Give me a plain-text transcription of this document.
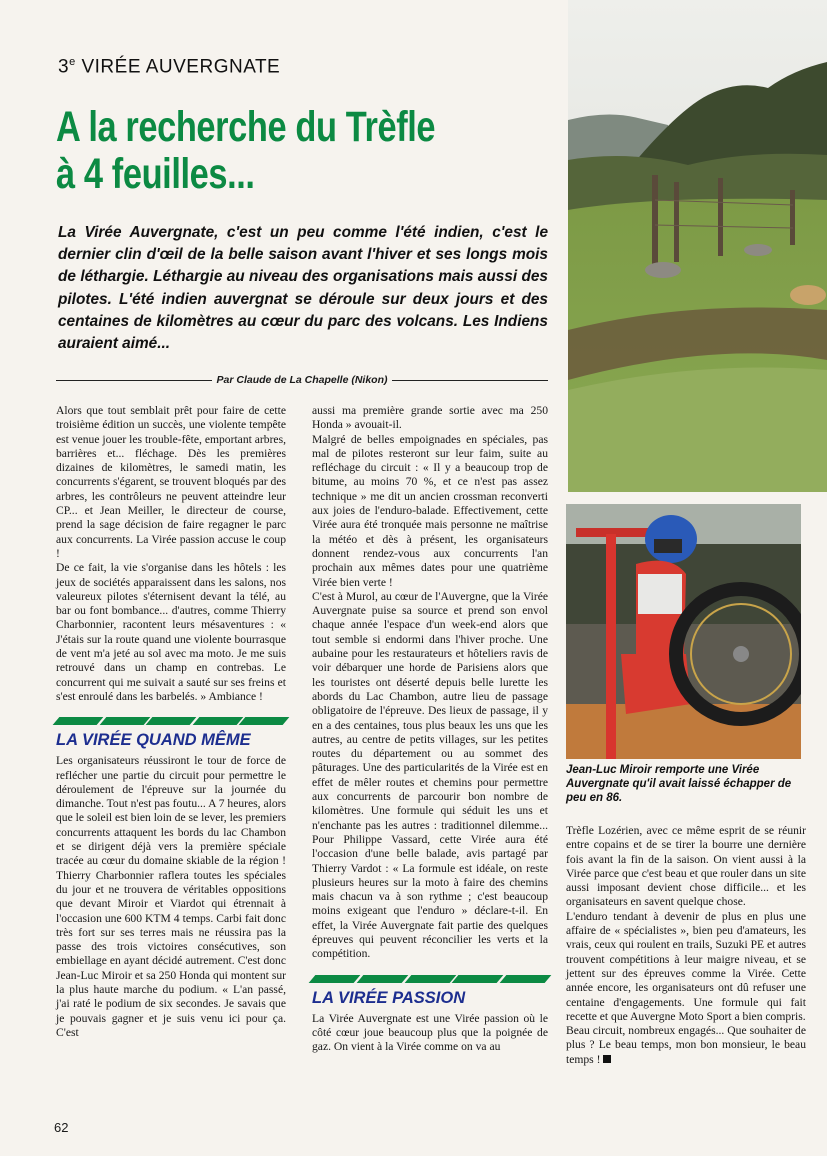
3e VIRÉE AUVERGNATE
A la recherche du Trèfle
à 4 feuilles...

La Virée Auvergnate, c'est un peu comme l'été indien, c'est le dernier clin d'œil de la belle saison avant l'hiver et ses longs mois de léthargie. Léthargie au niveau des organisations mais aussi des pilotes. L'été indien auvergnat se déroule sur deux jours et des centaines de kilomètres au cœur du parc des volcans. Les Indiens auraient aimé...

Par Claude de La Chapelle (Nikon)

Alors que tout semblait prêt pour faire de cette troisième édition un succès, une violente tempête est venue jouer les trouble-fête, emportant arbres, barrières et... fléchage. Dès les premières dizaines de kilomètres, le samedi matin, les concurrents s'égarent, se trouvent bloqués par des arbres, les contrôleurs ne peuvent atteindre leur CP... et Jean Meiller, le directeur de course, prend la sage décision de faire regagner le parc aux concurrents. La Virée passion accuse le coup !

De ce fait, la vie s'organise dans les hôtels : les jeux de sociétés apparaissent dans les salons, nos valeureux pilotes s'éternisent devant la télé, au bar ou font bombance... d'autres, comme Thierry Charbonnier, racontent leurs mésaventures : « J'étais sur la route quand une violente bourrasque de vent m'a jeté au sol avec ma moto. Je me suis retrouvé dans un champ en contrebas. Le concurrent qui me suivait a sauté sur ses freins et s'est enroulé dans les barbelés. » Ambiance !

LA VIRÉE QUAND MÊME

Les organisateurs réussiront le tour de force de reflécher une partie du circuit pour permettre le déroulement de l'épreuve sur la journée du dimanche. Tout n'est pas foutu... A 7 heures, alors que le soleil est bien loin de se lever, les premiers concurrents attaquent les bords du lac Chambon et se dirigent déjà vers la première spéciale tracée au cœur du domaine skiable de la région ! Thierry Charbonnier raflera toutes les spéciales du jour et ne trouvera de véritables oppositions que devant Miroir et Viardot qui étrennait à l'occasion une 600 KTM 4 temps. Carbi fait donc très fort sur ses terres mais ne réussira pas la passe des trois victoires consécutives, son embiellage en ayant décidé autrement. C'est donc Jean-Luc Miroir et sa 250 Honda qui montent sur la plus haute marche du podium. « L'an passé, j'ai raté le podium de six secondes. Je savais que je pouvais gagner et je suis venu ici pour ça. C'est

aussi ma première grande sortie avec ma 250 Honda » avouait-il.

Malgré de belles empoignades en spéciales, pas mal de pilotes resteront sur leur faim, suite au refléchage du circuit : « Il y a beaucoup trop de bitume, au moins 70 %, et ce n'est pas assez technique » me dit un ancien crossman reconverti aux joies de l'enduro-balade. Effectivement, cette Virée aura été tronquée mais personne ne maîtrise la météo et dès à présent, les organisateurs donnent rendez-vous aux concurrents l'an prochain aux mêmes dates pour une quatrième Virée bien verte !

C'est à Murol, au cœur de l'Auvergne, que la Virée Auvergnate puise sa source et prend son envol chaque année l'espace d'un week-end alors que tout semble si endormi dans l'hiver proche. Une aubaine pour les restaurateurs et hôteliers ravis de voir débarquer une horde de Parisiens alors que les touristes ont déserté depuis belle lurette les abords du Lac Chambon, autre lieu de passage obligatoire de l'épreuve. Des lieux de passage, il y en a des centaines, tous plus beaux les uns que les autres, au centre de petits villages, sur les petites routes du département ou au sommet des pâturages. Une des particularités de la Virée est en effet de mêler routes et chemins pour permettre aux concurrents de parcourir bon nombre de kilomètres. Une formule qui séduit les uns et n'enchante pas les autres : traditionnel dilemme... Pour Philippe Vassard, cette Virée aura été l'occasion d'une belle balade, avis partagé par Thierry Vardot : « La formule est idéale, on reste plusieurs heures sur la moto à faire des chemins mais chacun va à son rythme ; c'est beaucoup moins exigeant que l'enduro » déclare-t-il. En effet, la Virée Auvergnate fait partie des quelques épreuves qui peuvent réconcilier les verts et la compétition.

LA VIRÉE PASSION

La Virée Auvergnate est une Virée passion où le côté cœur joue beaucoup plus que la poignée de gaz. On vient à la Virée comme on va au

Trèfle Lozérien, avec ce même esprit de se réunir entre copains et de se tirer la bourre une dernière fois avant la fin de la saison. On vient aussi à la Virée parce que c'est beau et que rouler dans un site aussi imposant devient chose difficile... et les organisateurs en savent quelque chose.

L'enduro tendant à devenir de plus en plus une affaire de « spécialistes », bien peu d'amateurs, les vrais, ceux qui roulent en trails, Suzuki PE et autres trouvent compétitions à leur maigre niveau, et se jettent sur des épreuves comme la Virée. Cette année encore, les organisateurs ont dû refuser une centaine d'engagements. Une formule qui fait recette et que Auvergne Moto Sport a bien compris.

Beau circuit, nombreux engagés... Que souhaiter de plus ? Le beau temps, mon bon monsieur, le beau temps !

Jean-Luc Miroir remporte une Virée Auvergnate qu'il avait laissé échapper de peu en 86.

62
